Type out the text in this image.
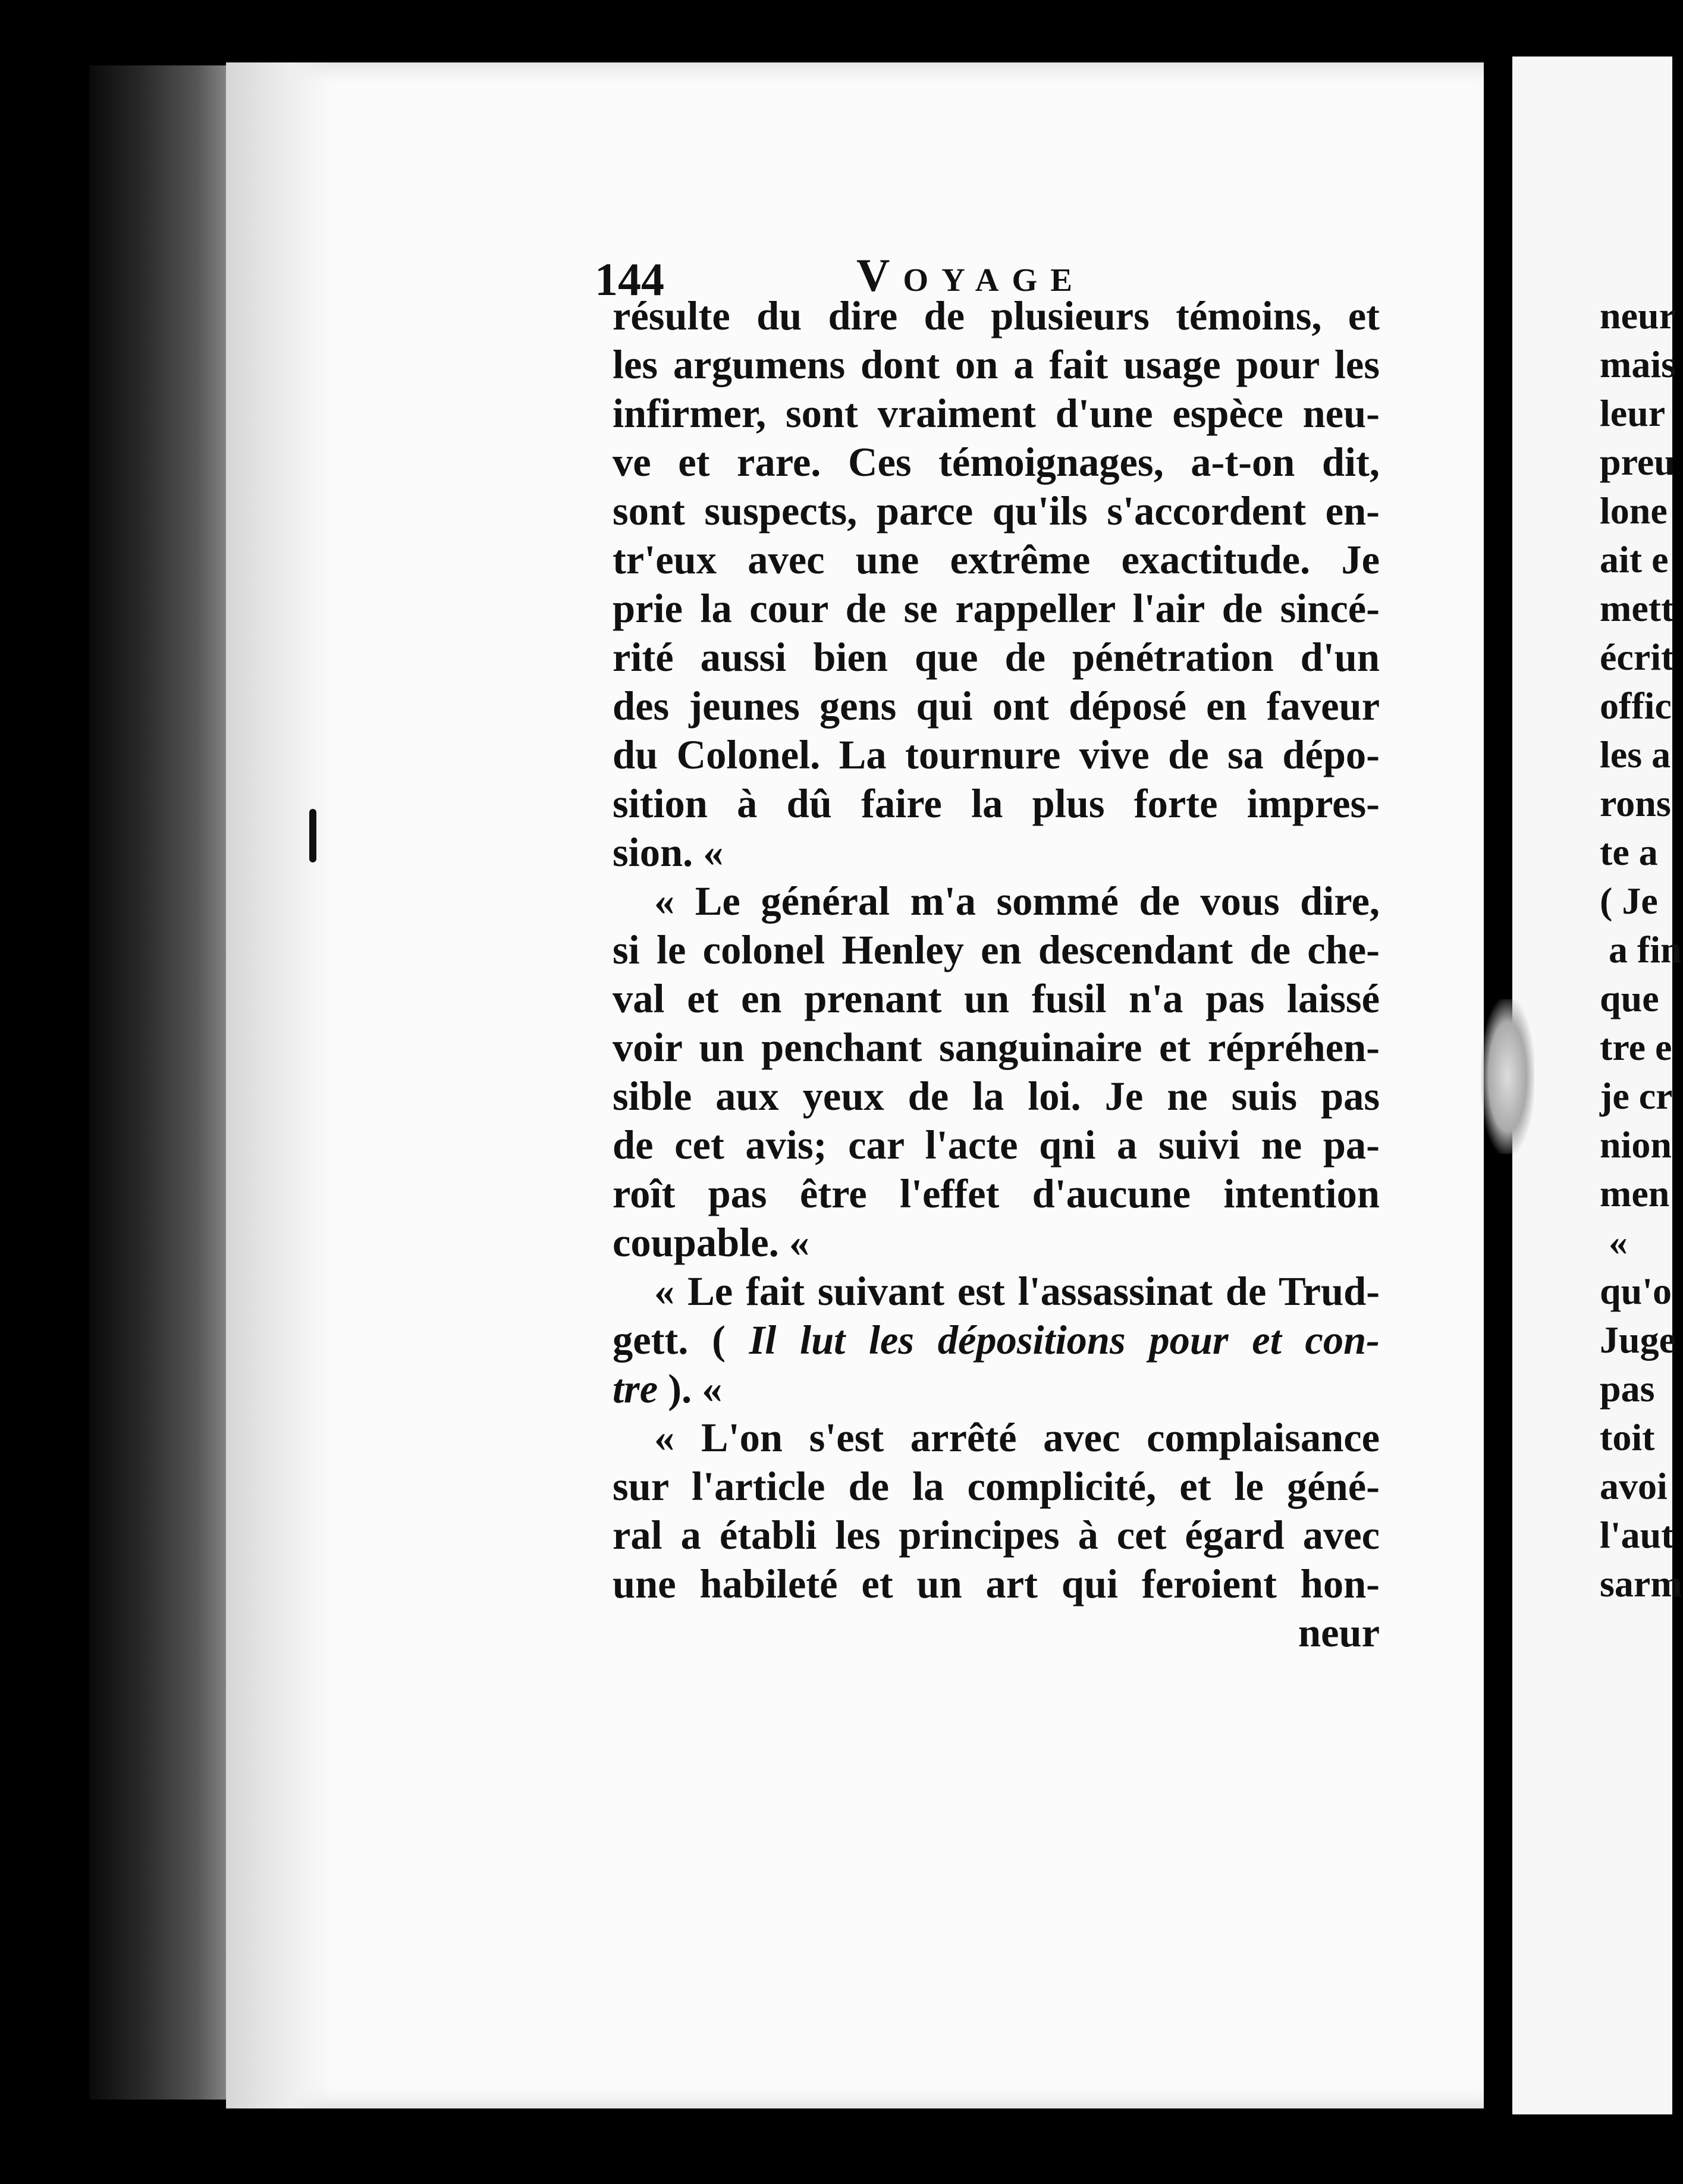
144	Voyage
résulte du dire de plusieurs témoins, et
les argumens dont on a fait usage pour les
infirmer, sont vraiment d'une espèce neu-
ve et rare. Ces témoignages, a-t-on dit,
sont suspects, parce qu'ils s'accordent en-
tr'eux avec une extrême exactitude. Je
prie la cour de se rappeller l'air de sincé-
rité aussi bien que de pénétration d'un
des jeunes gens qui ont déposé en faveur
du Colonel. La tournure vive de sa dépo-
sition à dû faire la plus forte impres-
sion. «
« Le général m'a sommé de vous dire,
si le colonel Henley en descendant de che-
val et en prenant un fusil n'a pas laissé
voir un penchant sanguinaire et répréhen-
sible aux yeux de la loi. Je ne suis pas
de cet avis; car l'acte qni a suivi ne pa-
roît pas être l'effet d'aucune intention
coupable. «
« Le fait suivant est l'assassinat de Trud-
gett. ( Il lut les dépositions pour et con-
tre ). «
« L'on s'est arrêté avec complaisance
sur l'article de la complicité, et le géné-
ral a établi les principes à cet égard avec
une habileté et un art qui feroient hon-
neur
neur
mais
leur
preu
lone
ait e
mett
écrit
offic
les a
rons
te a
( Je
a fin
que
tre e
je cr
nion
men
«
qu'o
Juge
pas
toit
avoi
l'aut
sarm
